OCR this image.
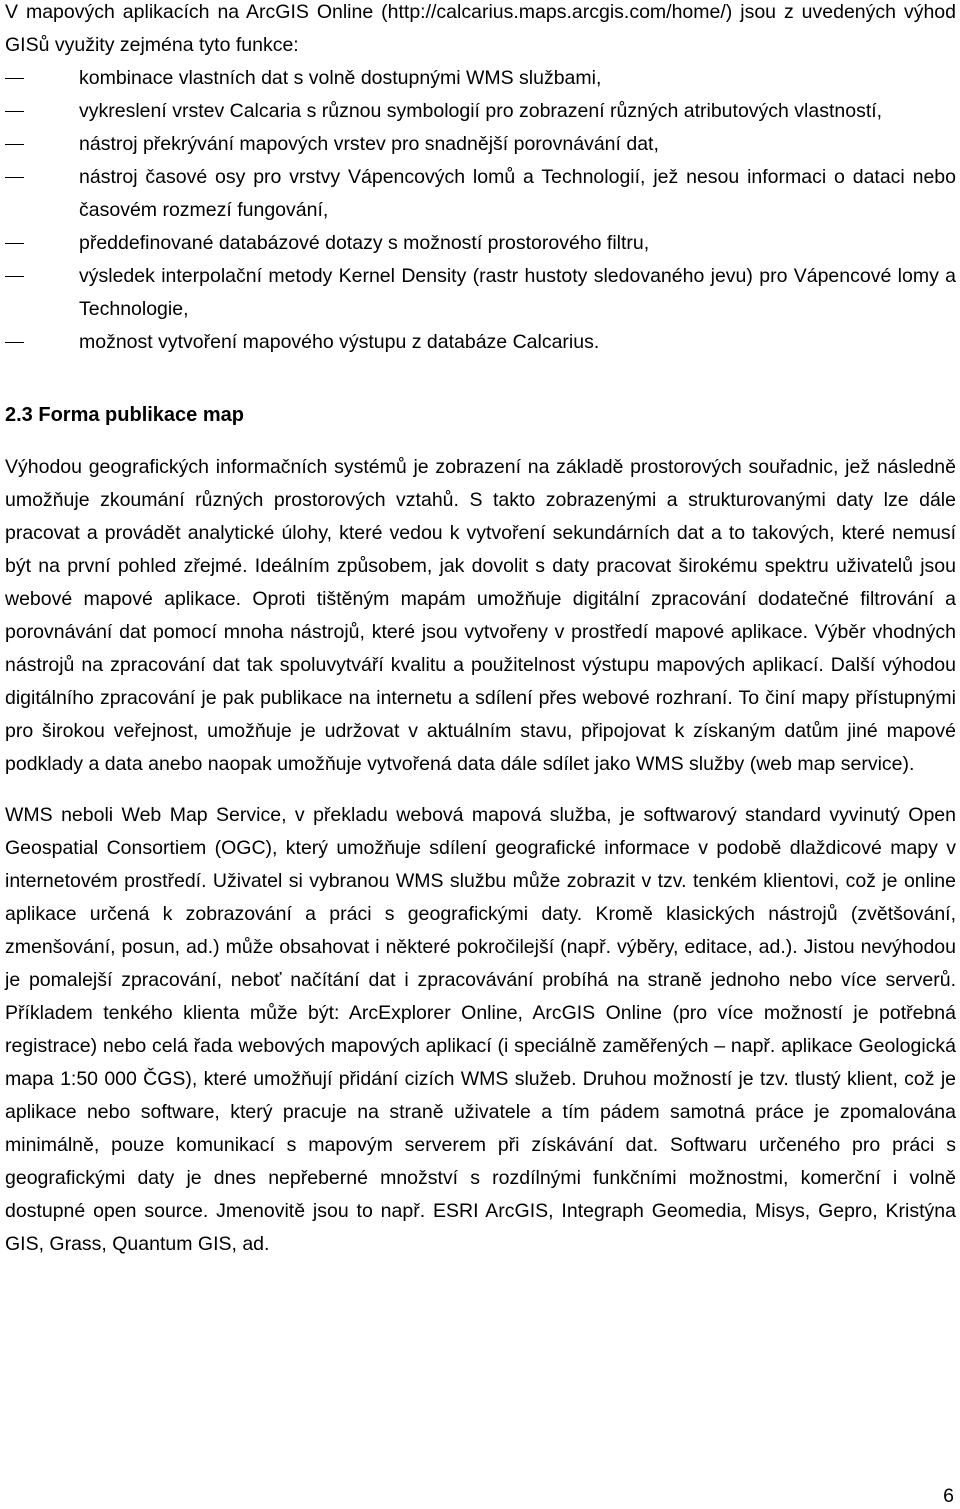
V mapových aplikacích na ArcGIS Online (http://calcarius.maps.arcgis.com/home/) jsou z uvedených výhod GISů využity zejména tyto funkce:

kombinace vlastních dat s volně dostupnými WMS službami,
vykreslení vrstev Calcaria s různou symbologií pro zobrazení různých atributových vlastností,
nástroj překrývání mapových vrstev pro snadnější porovnávání dat,
nástroj časové osy pro vrstvy Vápencových lomů a Technologií, jež nesou informaci o dataci nebo časovém rozmezí fungování,
předdefinované databázové dotazy s možností prostorového filtru,
výsledek interpolační metody Kernel Density (rastr hustoty sledovaného jevu) pro Vápencové lomy a Technologie,
možnost vytvoření mapového výstupu z databáze Calcarius.
2.3 Forma publikace map

Výhodou geografických informačních systémů je zobrazení na základě prostorových souřadnic, jež následně umožňuje zkoumání různých prostorových vztahů. S takto zobrazenými a strukturovanými daty lze dále pracovat a provádět analytické úlohy, které vedou k vytvoření sekundárních dat a to takových, které nemusí být na první pohled zřejmé. Ideálním způsobem, jak dovolit s daty pracovat širokému spektru uživatelů jsou webové mapové aplikace. Oproti tištěným mapám umožňuje digitální zpracování dodatečné filtrování a porovnávání dat pomocí mnoha nástrojů, které jsou vytvořeny v prostředí mapové aplikace. Výběr vhodných nástrojů na zpracování dat tak spoluvytváří kvalitu a použitelnost výstupu mapových aplikací. Další výhodou digitálního zpracování je pak publikace na internetu a sdílení přes webové rozhraní. To činí mapy přístupnými pro širokou veřejnost, umožňuje je udržovat v aktuálním stavu, připojovat k získaným datům jiné mapové podklady a data anebo naopak umožňuje vytvořená data dále sdílet jako WMS služby (web map service).

WMS neboli Web Map Service, v překladu webová mapová služba, je softwarový standard vyvinutý Open Geospatial Consortiem (OGC), který umožňuje sdílení geografické informace v podobě dlaždicové mapy v internetovém prostředí. Uživatel si vybranou WMS službu může zobrazit v tzv. tenkém klientovi, což je online aplikace určená k zobrazování a práci s geografickými daty. Kromě klasických nástrojů (zvětšování, zmenšování, posun, ad.) může obsahovat i některé pokročilejší (např. výběry, editace, ad.). Jistou nevýhodou je pomalejší zpracování, neboť načítání dat i zpracovávání probíhá na straně jednoho nebo více serverů. Příkladem tenkého klienta může být: ArcExplorer Online, ArcGIS Online (pro více možností je potřebná registrace) nebo celá řada webových mapových aplikací (i speciálně zaměřených – např. aplikace Geologická mapa 1:50 000 ČGS), které umožňují přidání cizích WMS služeb. Druhou možností je tzv. tlustý klient, což je aplikace nebo software, který pracuje na straně uživatele a tím pádem samotná práce je zpomalována minimálně, pouze komunikací s mapovým serverem při získávání dat. Softwaru určeného pro práci s geografickými daty je dnes nepřeberné množství s rozdílnými funkčními možnostmi, komerční i volně dostupné open source. Jmenovitě jsou to např. ESRI ArcGIS, Integraph Geomedia, Misys, Gepro, Kristýna GIS, Grass, Quantum GIS, ad.

6
